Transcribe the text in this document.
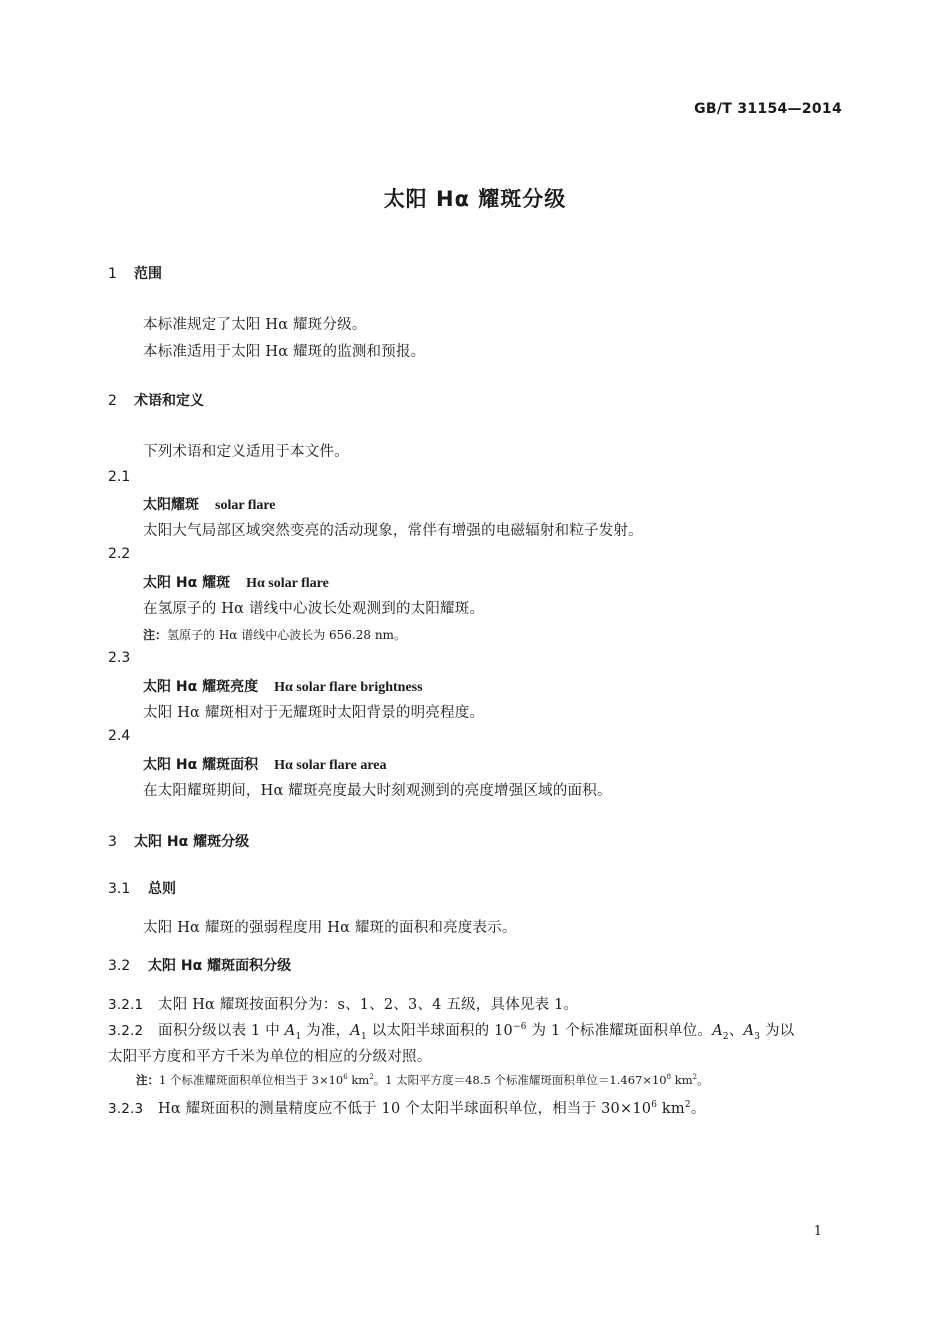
GB/T 31154—2014
太阳 Hα 耀斑分级
1 范围
本标准规定了太阳 Hα 耀斑分级。
本标准适用于太阳 Hα 耀斑的监测和预报。
2 术语和定义
下列术语和定义适用于本文件。
2.1
太阳耀斑 solar flare
太阳大气局部区域突然变亮的活动现象，常伴有增强的电磁辐射和粒子发射。
2.2
太阳 Hα 耀斑 Hα solar flare
在氢原子的 Hα 谱线中心波长处观测到的太阳耀斑。
注：氢原子的 Hα 谱线中心波长为 656.28 nm。
2.3
太阳 Hα 耀斑亮度 Hα solar flare brightness
太阳 Hα 耀斑相对于无耀斑时太阳背景的明亮程度。
2.4
太阳 Hα 耀斑面积 Hα solar flare area
在太阳耀斑期间，Hα 耀斑亮度最大时刻观测到的亮度增强区域的面积。
3 太阳 Hα 耀斑分级
3.1 总则
太阳 Hα 耀斑的强弱程度用 Hα 耀斑的面积和亮度表示。
3.2 太阳 Hα 耀斑面积分级
3.2.1 太阳 Hα 耀斑按面积分为：s、1、2、3、4 五级，具体见表 1。
3.2.2 面积分级以表 1 中 $A_1$ 为准，$A_1$ 以太阳半球面积的 $10^{-6}$ 为 1 个标准耀斑面积单位。$A_2$、$A_3$ 为以
太阳平方度和平方千米为单位的相应的分级对照。
注：1 个标准耀斑面积单位相当于 $3\times 10^6$ $km^2$。1 太阳平方度＝48.5 个标准耀斑面积单位$=1.467\times 10^8$ $km^2$。
3.2.3 Hα 耀斑面积的测量精度应不低于 10 个太阳半球面积单位，相当于 $30\times 10^6$ $km^2$。
1
